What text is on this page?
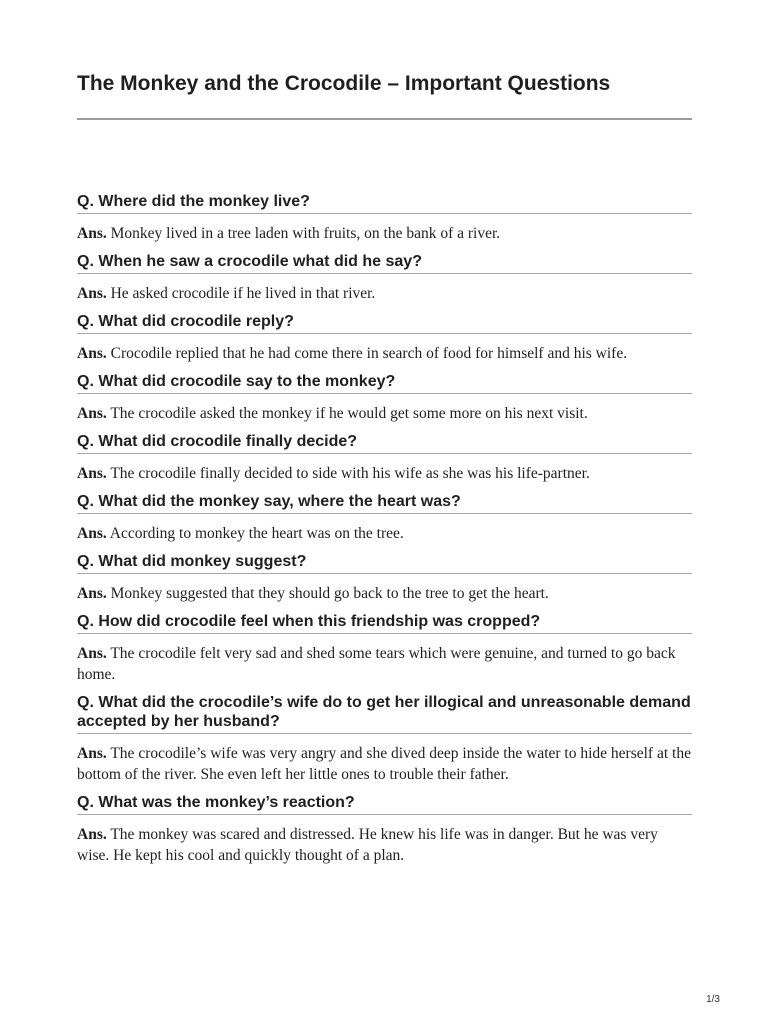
The Monkey and the Crocodile – Important Questions
Q. Where did the monkey live?

Ans. Monkey lived in a tree laden with fruits, on the bank of a river.

Q. When he saw a crocodile what did he say?

Ans. He asked crocodile if he lived in that river.

Q. What did crocodile reply?

Ans. Crocodile replied that he had come there in search of food for himself and his wife.

Q. What did crocodile say to the monkey?

Ans. The crocodile asked the monkey if he would get some more on his next visit.

Q. What did crocodile finally decide?

Ans. The crocodile finally decided to side with his wife as she was his life-partner.

Q. What did the monkey say, where the heart was?

Ans. According to monkey the heart was on the tree.

Q. What did monkey suggest?

Ans. Monkey suggested that they should go back to the tree to get the heart.

Q. How did crocodile feel when this friendship was cropped?

Ans. The crocodile felt very sad and shed some tears which were genuine, and turned to go back home.

Q. What did the crocodile’s wife do to get her illogical and unreasonable demand accepted by her husband?

Ans. The crocodile’s wife was very angry and she dived deep inside the water to hide herself at the bottom of the river. She even left her little ones to trouble their father.

Q. What was the monkey’s reaction?

Ans. The monkey was scared and distressed. He knew his life was in danger. But he was very wise. He kept his cool and quickly thought of a plan.

1/3
